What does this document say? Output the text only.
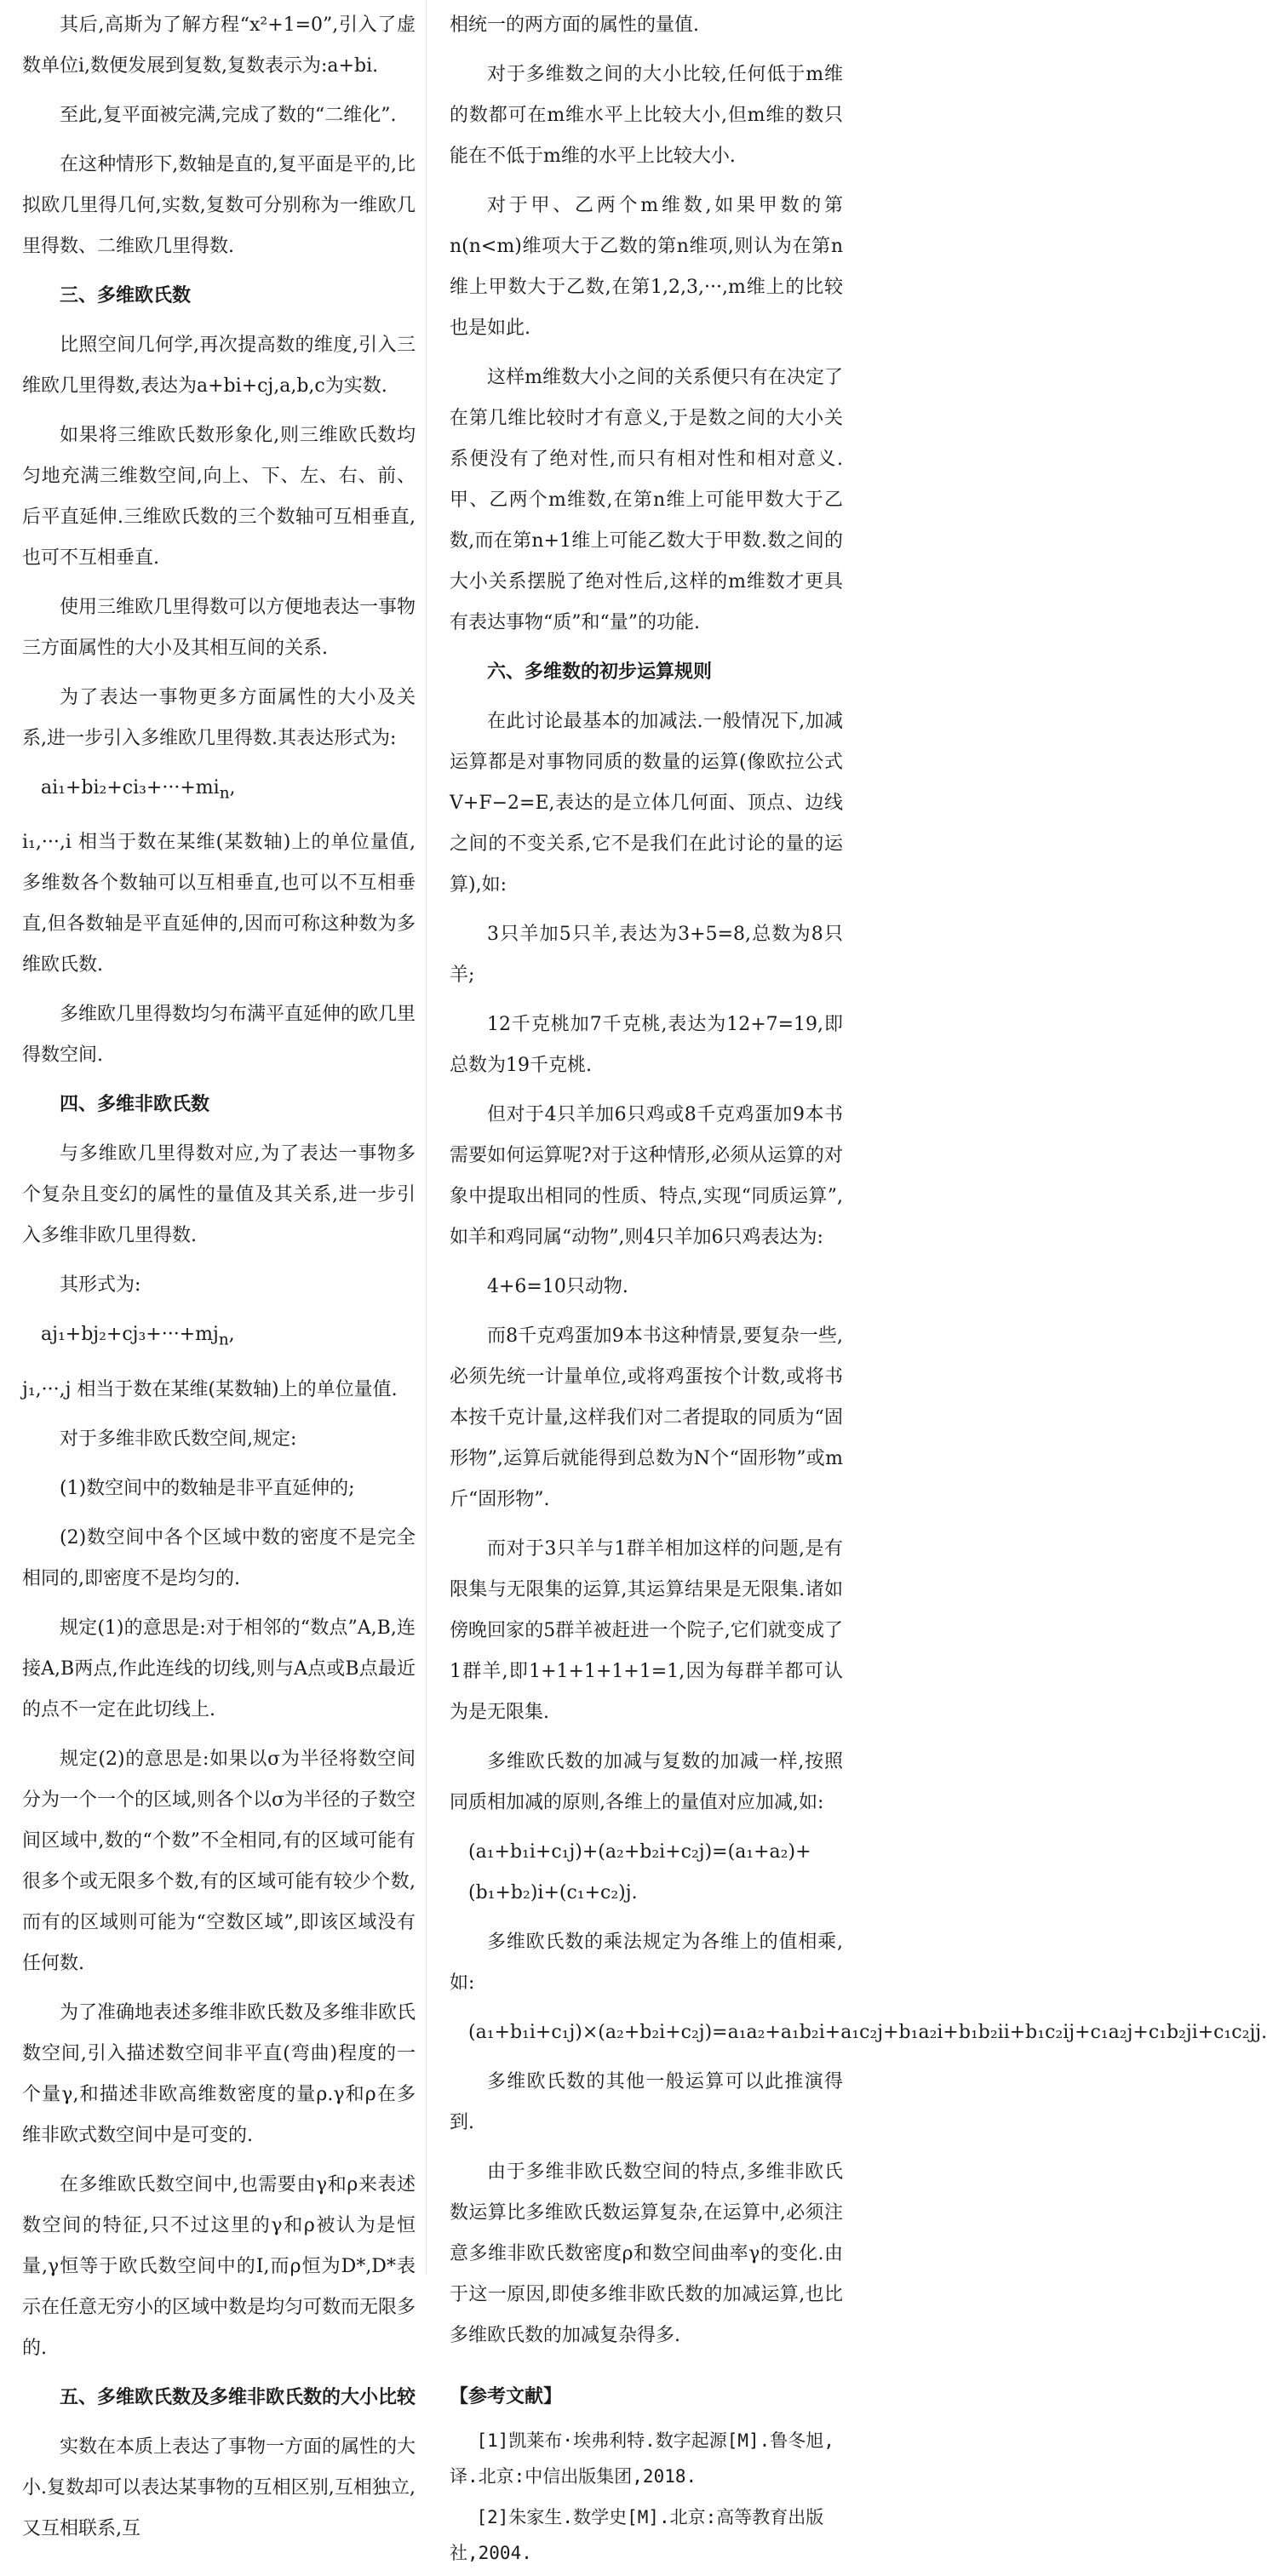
其后,高斯为了解方程“x²+1=0”,引入了虚数单位i,数便发展到复数,复数表示为:a+bi.

至此,复平面被完满,完成了数的“二维化”.

在这种情形下,数轴是直的,复平面是平的,比拟欧几里得几何,实数,复数可分别称为一维欧几里得数、二维欧几里得数.

三、多维欧氏数

比照空间几何学,再次提高数的维度,引入三维欧几里得数,表达为a+bi+cj,a,b,c为实数.

如果将三维欧氏数形象化,则三维欧氏数均匀地充满三维数空间,向上、下、左、右、前、后平直延伸.三维欧氏数的三个数轴可互相垂直,也可不互相垂直.

使用三维欧几里得数可以方便地表达一事物三方面属性的大小及其相互间的关系.

为了表达一事物更多方面属性的大小及关系,进一步引入多维欧几里得数.其表达形式为:

$ai_1+bi_2+ci_3+\cdot\cdot\cdot+mi_n$,

i₁,···,i 相当于数在某维(某数轴)上的单位量值,多维数各个数轴可以互相垂直,也可以不互相垂直,但各数轴是平直延伸的,因而可称这种数为多维欧氏数.

多维欧几里得数均匀布满平直延伸的欧几里得数空间.

四、多维非欧氏数

与多维欧几里得数对应,为了表达一事物多个复杂且变幻的属性的量值及其关系,进一步引入多维非欧几里得数.

其形式为:

$aj_1+bj_2+cj_3+\cdot\cdot\cdot+mj_n$,

j₁,···,j 相当于数在某维(某数轴)上的单位量值.

对于多维非欧氏数空间,规定:

(1)数空间中的数轴是非平直延伸的;

(2)数空间中各个区域中数的密度不是完全相同的,即密度不是均匀的.

规定(1)的意思是:对于相邻的“数点”A,B,连接A,B两点,作此连线的切线,则与A点或B点最近的点不一定在此切线上.

规定(2)的意思是:如果以σ为半径将数空间分为一个一个的区域,则各个以σ为半径的子数空间区域中,数的“个数”不全相同,有的区域可能有很多个或无限多个数,有的区域可能有较少个数,而有的区域则可能为“空数区域”,即该区域没有任何数.

为了准确地表述多维非欧氏数及多维非欧氏数空间,引入描述数空间非平直(弯曲)程度的一个量γ,和描述非欧高维数密度的量ρ.γ和ρ在多维非欧式数空间中是可变的.

在多维欧氏数空间中,也需要由γ和ρ来表述数空间的特征,只不过这里的γ和ρ被认为是恒量,γ恒等于欧氏数空间中的I,而ρ恒为D*,D*表示在任意无穷小的区域中数是均匀可数而无限多的.

五、多维欧氏数及多维非欧氏数的大小比较

实数在本质上表达了事物一方面的属性的大小.复数却可以表达某事物的互相区别,互相独立,又互相联系,互

相统一的两方面的属性的量值.

对于多维数之间的大小比较,任何低于m维的数都可在m维水平上比较大小,但m维的数只能在不低于m维的水平上比较大小.

对于甲、乙两个m维数,如果甲数的第n(n<m)维项大于乙数的第n维项,则认为在第n维上甲数大于乙数,在第1,2,3,···,m维上的比较也是如此.

这样m维数大小之间的关系便只有在决定了在第几维比较时才有意义,于是数之间的大小关系便没有了绝对性,而只有相对性和相对意义.甲、乙两个m维数,在第n维上可能甲数大于乙数,而在第n+1维上可能乙数大于甲数.数之间的大小关系摆脱了绝对性后,这样的m维数才更具有表达事物“质”和“量”的功能.

六、多维数的初步运算规则

在此讨论最基本的加减法.一般情况下,加减运算都是对事物同质的数量的运算(像欧拉公式V+F−2=E,表达的是立体几何面、顶点、边线之间的不变关系,它不是我们在此讨论的量的运算),如:

3只羊加5只羊,表达为3+5=8,总数为8只羊;

12千克桃加7千克桃,表达为12+7=19,即总数为19千克桃.

但对于4只羊加6只鸡或8千克鸡蛋加9本书需要如何运算呢?对于这种情形,必须从运算的对象中提取出相同的性质、特点,实现“同质运算”,如羊和鸡同属“动物”,则4只羊加6只鸡表达为:

4+6=10只动物.

而8千克鸡蛋加9本书这种情景,要复杂一些,必须先统一计量单位,或将鸡蛋按个计数,或将书本按千克计量,这样我们对二者提取的同质为“固形物”,运算后就能得到总数为N个“固形物”或m斤“固形物”.

而对于3只羊与1群羊相加这样的问题,是有限集与无限集的运算,其运算结果是无限集.诸如傍晚回家的5群羊被赶进一个院子,它们就变成了1群羊,即1+1+1+1+1=1,因为每群羊都可认为是无限集.

多维欧氏数的加减与复数的加减一样,按照同质相加减的原则,各维上的量值对应加减,如:

(a₁+b₁i+c₁j)+(a₂+b₂i+c₂j)=(a₁+a₂)+(b₁+b₂)i+(c₁+c₂)j.

多维欧氏数的乘法规定为各维上的值相乘,如:

(a₁+b₁i+c₁j)×(a₂+b₂i+c₂j)=a₁a₂+a₁b₂i+a₁c₂j+b₁a₂i+b₁b₂ii+b₁c₂ij+c₁a₂j+c₁b₂ji+c₁c₂jj.

多维欧氏数的其他一般运算可以此推演得到.

由于多维非欧氏数空间的特点,多维非欧氏数运算比多维欧氏数运算复杂,在运算中,必须注意多维非欧氏数密度ρ和数空间曲率γ的变化.由于这一原因,即使多维非欧氏数的加减运算,也比多维欧氏数的加减复杂得多.

【参考文献】
[1]凯莱布·埃弗利特.数字起源[M].鲁冬旭,译.北京:中信出版集团,2018.
[2]朱家生.数学史[M].北京:高等教育出版社,2004.
